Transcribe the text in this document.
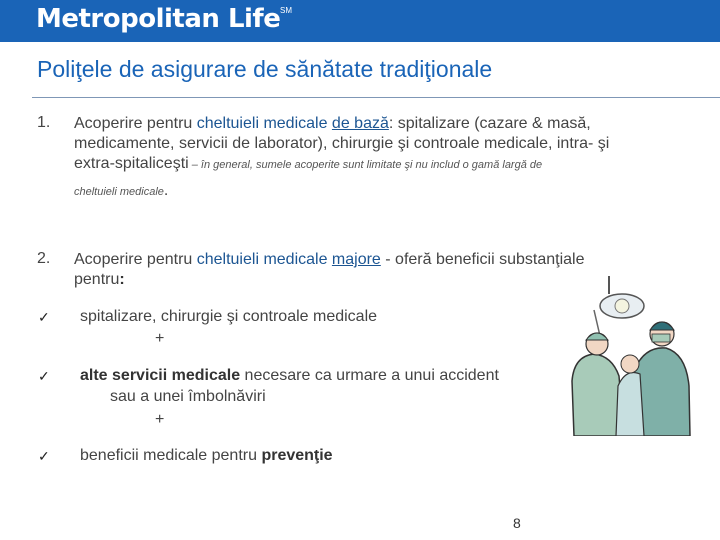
Metropolitan Life SM
Poliţele de asigurare de sănătate tradiţionale
1. Acoperire pentru cheltuieli medicale de bază: spitalizare (cazare & masă,
medicamente, servicii de laborator), chirurgie şi controale medicale, intra- şi
extra-spitaliceşti – în general, sumele acoperite sunt limitate şi nu includ o gamă largă de
cheltuieli medicale.
2. Acoperire pentru cheltuieli medicale majore - oferă beneficii substanţiale
pentru:
✓ spitalizare, chirurgie şi controale medicale
+
✓ alte servicii medicale necesare ca urmare a unui accident
sau a unei îmbolnăviri
+
✓ beneficii medicale pentru prevenţie
8
